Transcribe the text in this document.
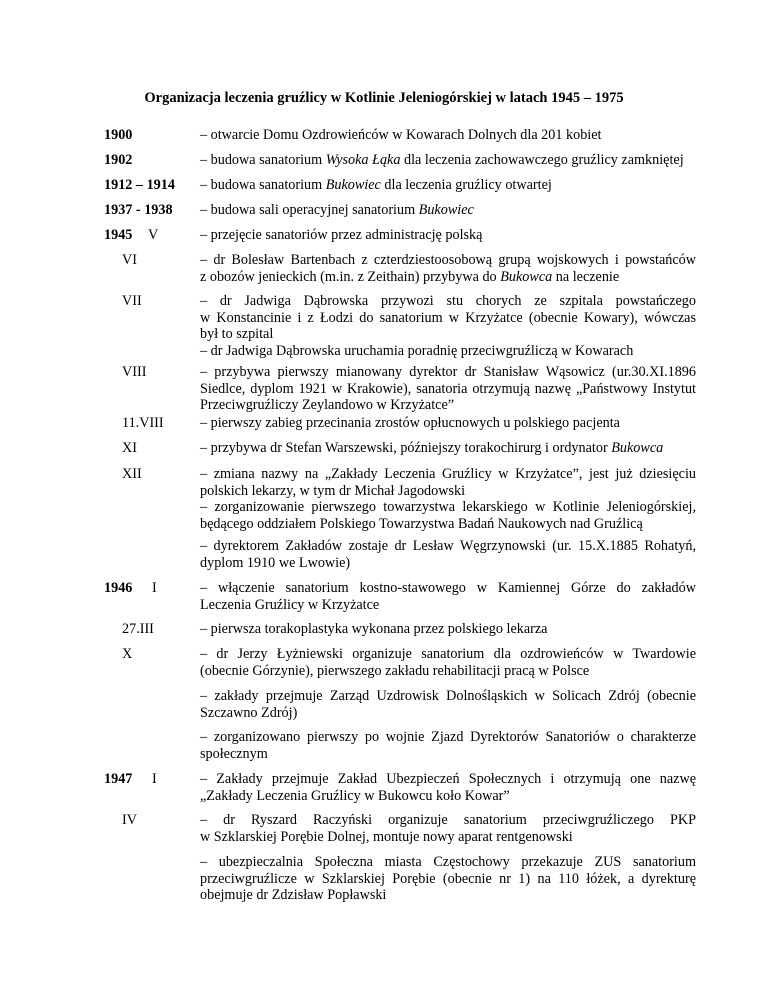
Organizacja leczenia gruźlicy w Kotlinie Jeleniogórskiej w latach 1945 – 1975
1900	– otwarcie Domu Ozdrowieńców w Kowarach Dolnych dla 201 kobiet
1902	– budowa sanatorium Wysoka Łąka dla leczenia zachowawczego gruźlicy zamkniętej
1912 – 1914 – budowa sanatorium Bukowiec dla leczenia gruźlicy otwartej
1937 - 1938 – budowa sali operacyjnej sanatorium Bukowiec
1945 V	– przejęcie sanatoriów przez administrację polską
VI	– dr Bolesław Bartenbach z czterdziestoosobową grupą wojskowych i powstańców
z obozów jenieckich (m.in. z Zeithain) przybywa do Bukowca na leczenie
VII	– dr Jadwiga Dąbrowska przywozi stu chorych ze szpitala powstańczego
w Konstancinie i z Łodzi do sanatorium w Krzyżatce (obecnie Kowary), wówczas
był to szpital
– dr Jadwiga Dąbrowska uruchamia poradnię przeciwgruźliczą w Kowarach
VIII	– przybywa pierwszy mianowany dyrektor dr Stanisław Wąsowicz (ur.30.XI.1896
Siedlce, dyplom 1921 w Krakowie), sanatoria otrzymują nazwę „Państwowy Instytut
Przeciwgruźliczy Zeylandowo w Krzyżatce”
11.VIII	– pierwszy zabieg przecinania zrostów opłucnowych u polskiego pacjenta
XI	– przybywa dr Stefan Warszewski, późniejszy torakochirurg i ordynator Bukowca
XII	– zmiana nazwy na „Zakłady Leczenia Gruźlicy w Krzyżatce”, jest już dziesięciu
polskich lekarzy, w tym dr Michał Jagodowski
– zorganizowanie pierwszego towarzystwa lekarskiego w Kotlinie Jeleniogórskiej,
będącego oddziałem Polskiego Towarzystwa Badań Naukowych nad Gruźlicą
– dyrektorem Zakładów zostaje dr Lesław Węgrzynowski (ur. 15.X.1885 Rohatyń,
dyplom 1910 we Lwowie)
1946 I	– włączenie sanatorium kostno-stawowego w Kamiennej Górze do zakładów
Leczenia Gruźlicy w Krzyżatce
27.III	– pierwsza torakoplastyka wykonana przez polskiego lekarza
X	– dr Jerzy Łyżniewski organizuje sanatorium dla ozdrowieńców w Twardowie
(obecnie Górzynie), pierwszego zakładu rehabilitacji pracą w Polsce
– zakłady przejmuje Zarząd Uzdrowisk Dolnośląskich w Solicach Zdrój (obecnie
Szczawno Zdrój)
– zorganizowano pierwszy po wojnie Zjazd Dyrektorów Sanatoriów o charakterze
społecznym
1947 I	– Zakłady przejmuje Zakład Ubezpieczeń Społecznych i otrzymują one nazwę
„Zakłady Leczenia Gruźlicy w Bukowcu koło Kowar”
IV	– dr Ryszard Raczyński organizuje sanatorium przeciwgruźliczego PKP
w Szklarskiej Porębie Dolnej, montuje nowy aparat rentgenowski
– ubezpieczalnia Społeczna miasta Częstochowy przekazuje ZUS sanatorium
przeciwgruźlicze w Szklarskiej Porębie (obecnie nr 1) na 110 łóżek, a dyrekturę
obejmuje dr Zdzisław Popławski
